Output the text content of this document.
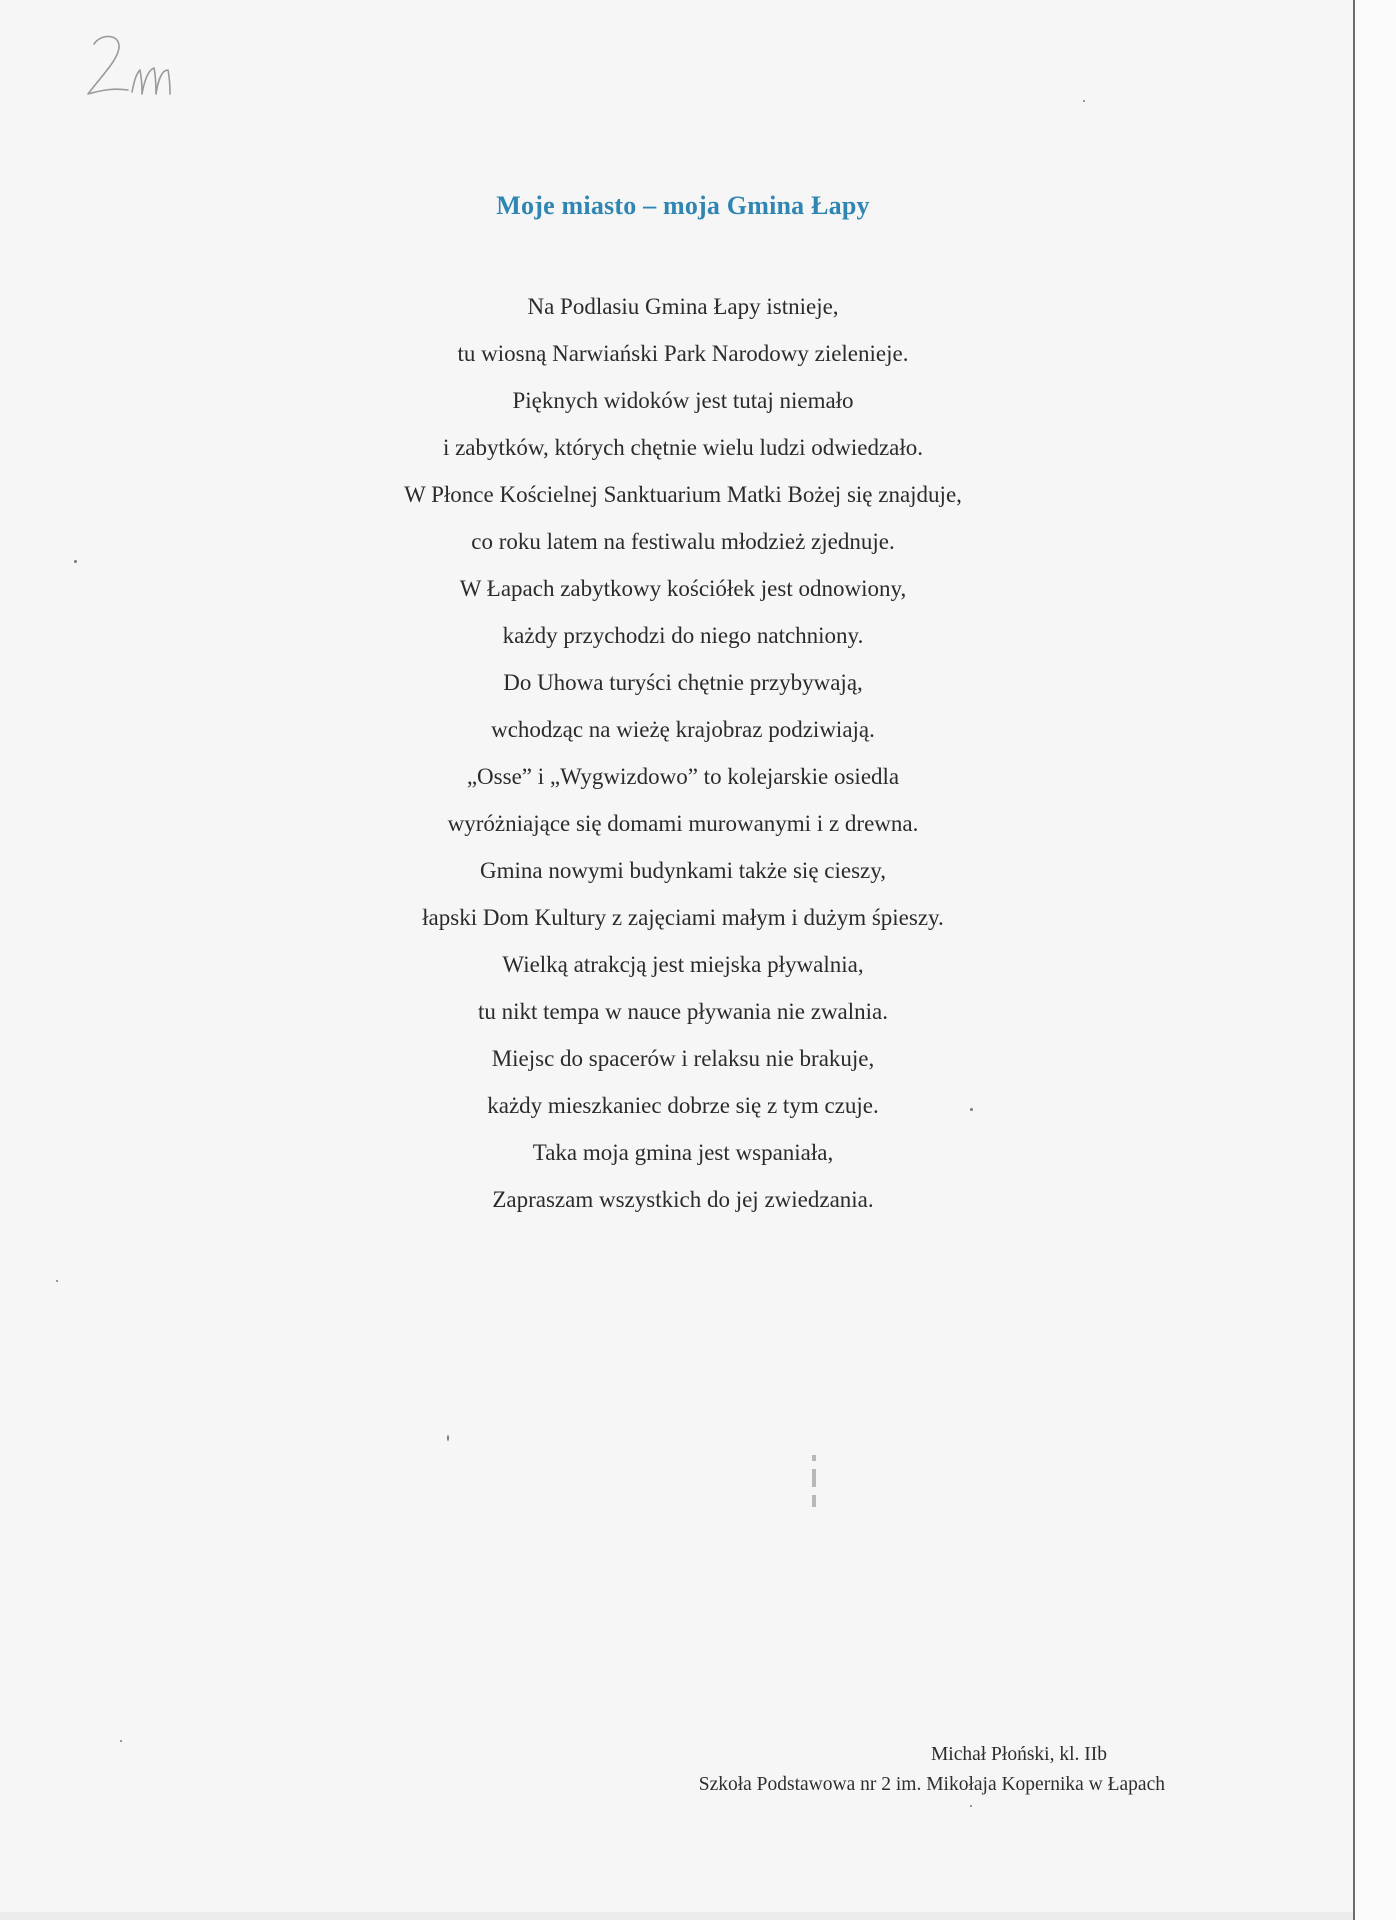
Moje miasto – moja Gmina Łapy
Na Podlasiu Gmina Łapy istnieje,
tu wiosną Narwiański Park Narodowy zielenieje.
Pięknych widoków jest tutaj niemało
i zabytków, których chętnie wielu ludzi odwiedzało.
W Płonce Kościelnej Sanktuarium Matki Bożej się znajduje,
co roku latem na festiwalu młodzież zjednuje.
W Łapach zabytkowy kościółek jest odnowiony,
każdy przychodzi do niego natchniony.
Do Uhowa turyści chętnie przybywają,
wchodząc na wieżę krajobraz podziwiają.
„Osse” i „Wygwizdowo” to kolejarskie osiedla
wyróżniające się domami murowanymi i z drewna.
Gmina nowymi budynkami także się cieszy,
łapski Dom Kultury z zajęciami małym i dużym śpieszy.
Wielką atrakcją jest miejska pływalnia,
tu nikt tempa w nauce pływania nie zwalnia.
Miejsc do spacerów i relaksu nie brakuje,
każdy mieszkaniec dobrze się z tym czuje.
Taka moja gmina jest wspaniała,
Zapraszam wszystkich do jej zwiedzania.
Michał Płoński, kl. IIb
Szkoła Podstawowa nr 2 im. Mikołaja Kopernika w Łapach
